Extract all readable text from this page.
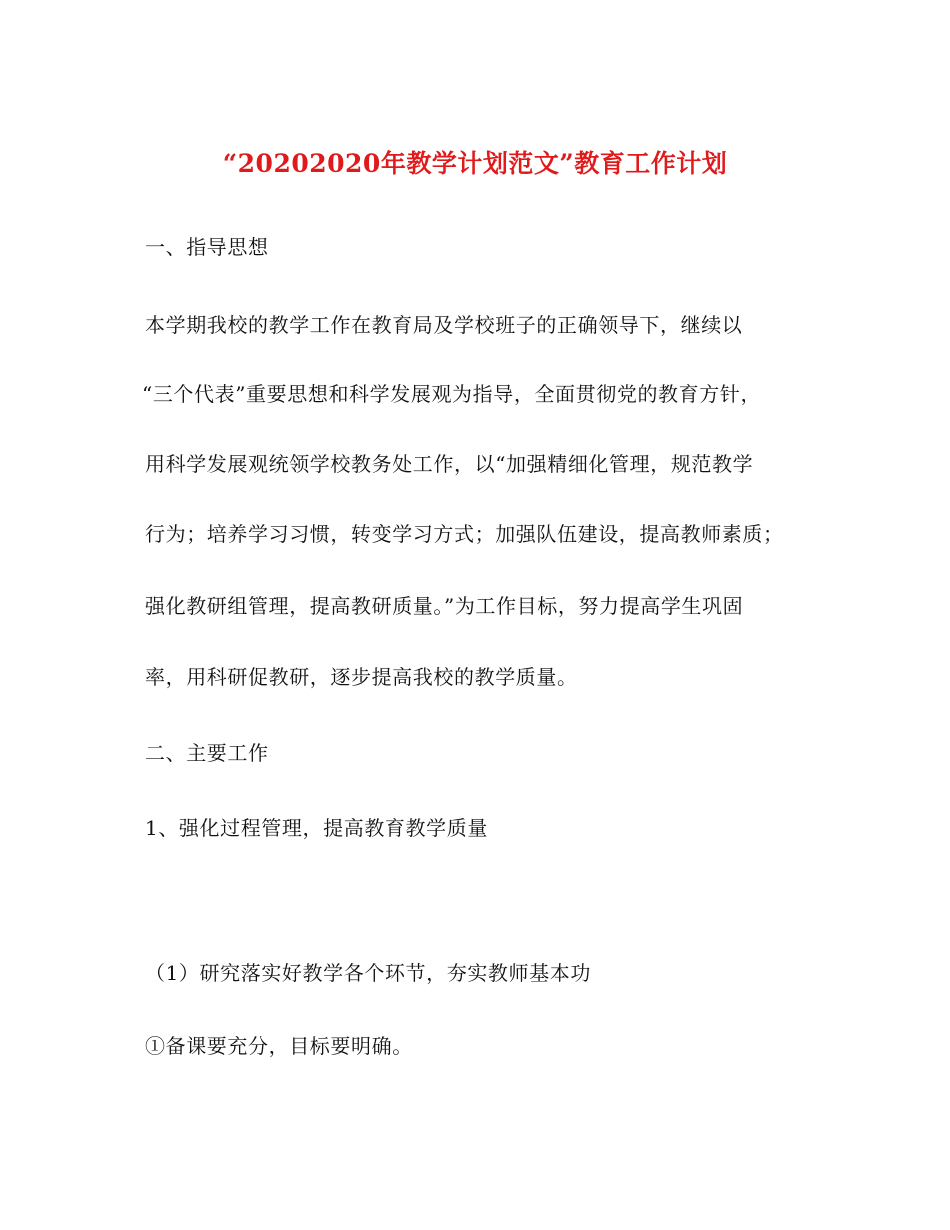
“20202020年教学计划范文”教育工作计划
一、指导思想
本学期我校的教学工作在教育局及学校班子的正确领导下，继续以
“三个代表”重要思想和科学发展观为指导，全面贯彻党的教育方针，
用科学发展观统领学校教务处工作，以“加强精细化管理，规范教学
行为；培养学习习惯，转变学习方式；加强队伍建设，提高教师素质；
强化教研组管理，提高教研质量。”为工作目标，努力提高学生巩固
率，用科研促教研，逐步提高我校的教学质量。
二、主要工作
1、强化过程管理，提高教育教学质量
（1）研究落实好教学各个环节，夯实教师基本功
①备课要充分，目标要明确。
